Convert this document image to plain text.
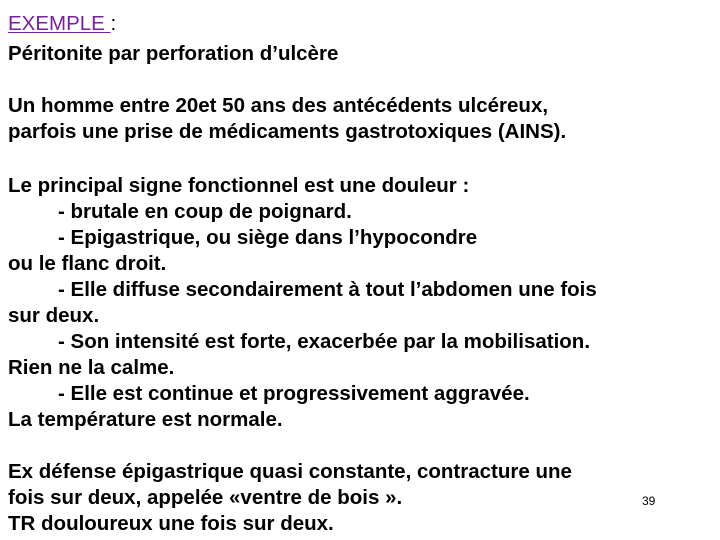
EXEMPLE :
Péritonite par perforation d’ulcère
Un homme entre 20et 50 ans des antécédents ulcéreux,
parfois une prise de médicaments gastrotoxiques (AINS).
Le principal signe fonctionnel est une douleur :
- brutale en coup de poignard.
- Epigastrique, ou siège dans l’hypocondre
ou le flanc droit.
- Elle diffuse secondairement à tout l’abdomen une fois
sur deux.
- Son intensité est forte, exacerbée par la mobilisation.
Rien ne la calme.
- Elle est continue et progressivement aggravée.
La température est normale.
Ex défense épigastrique quasi constante, contracture une
fois sur deux, appelée «ventre de bois ».
TR douloureux une fois sur deux.
39
